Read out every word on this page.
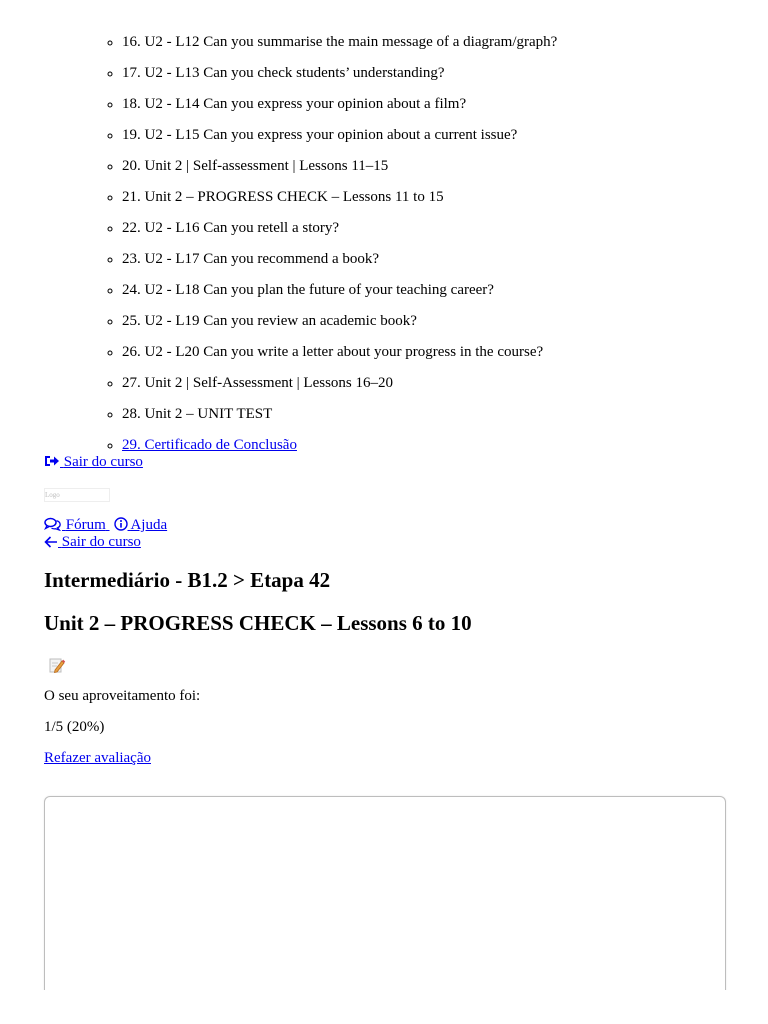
◦ 16. U2 - L12 Can you summarise the main message of a diagram/graph?
◦ 17. U2 - L13 Can you check students’ understanding?
◦ 18. U2 - L14 Can you express your opinion about a film?
◦ 19. U2 - L15 Can you express your opinion about a current issue?
◦ 20. Unit 2 | Self-assessment | Lessons 11–15
◦ 21. Unit 2 – PROGRESS CHECK – Lessons 11 to 15
◦ 22. U2 - L16 Can you retell a story?
◦ 23. U2 - L17 Can you recommend a book?
◦ 24. U2 - L18 Can you plan the future of your teaching career?
◦ 25. U2 - L19 Can you review an academic book?
◦ 26. U2 - L20 Can you write a letter about your progress in the course?
◦ 27. Unit 2 | Self-Assessment | Lessons 16–20
◦ 28. Unit 2 – UNIT TEST
◦ 29. Certificado de Conclusão
Sair do curso
Logo
Fórum Ajuda
Sair do curso
Intermediário - B1.2 > Etapa 42
Unit 2 – PROGRESS CHECK – Lessons 6 to 10
O seu aproveitamento foi:
1/5 (20%)
Refazer avaliação
